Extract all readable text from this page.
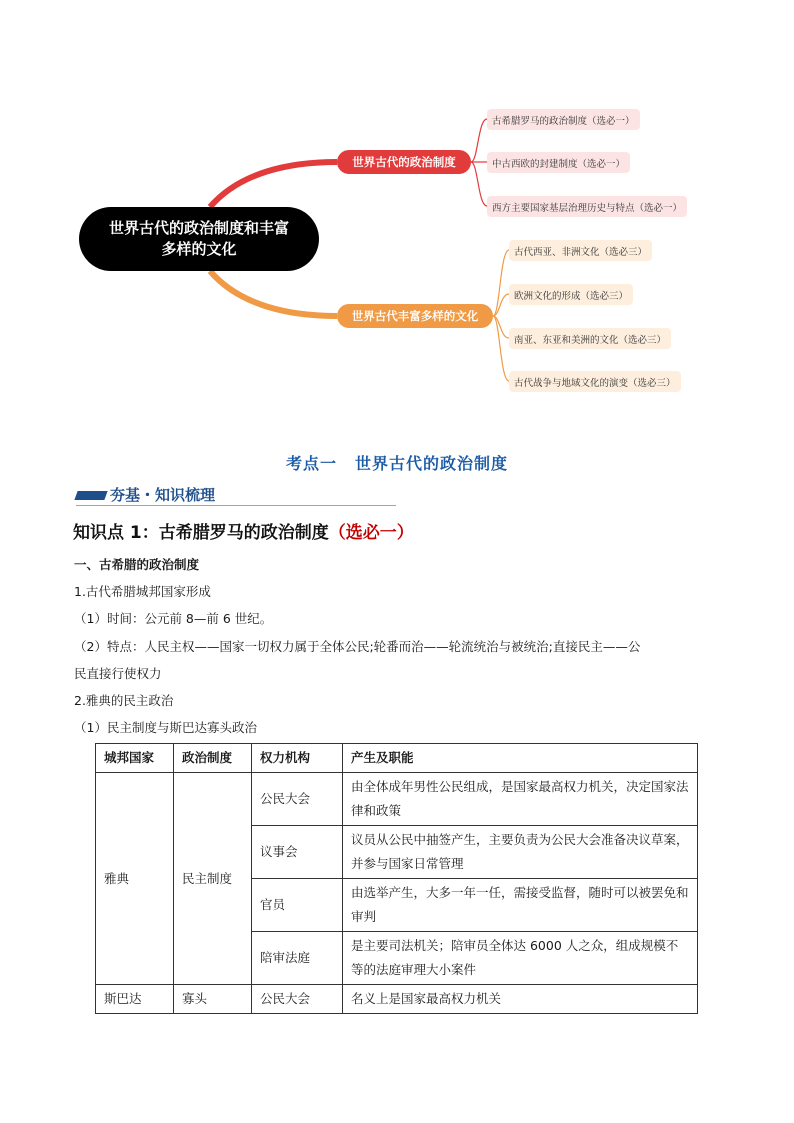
世界古代的政治制度和丰富多样的文化
世界古代的政治制度
世界古代丰富多样的文化
古希腊罗马的政治制度（选必一）
中古西欧的封建制度（选必一）
西方主要国家基层治理历史与特点（选必一）
古代西亚、非洲文化（选必三）
欧洲文化的形成（选必三）
南亚、东亚和美洲的文化（选必三）
古代战争与地域文化的演变（选必三）
考点一 世界古代的政治制度
夯基・知识梳理
知识点 1：古希腊罗马的政治制度（选必一）
一、古希腊的政治制度
1.古代希腊城邦国家形成
（1）时间：公元前 8—前 6 世纪。
（2）特点：人民主权——国家一切权力属于全体公民;轮番而治——轮流统治与被统治;直接民主——公
民直接行使权力
2.雅典的民主政治
（1）民主制度与斯巴达寡头政治
城邦国家	政治制度	权力机构	产生及职能
雅典	民主制度	公民大会	由全体成年男性公民组成，是国家最高权力机关，决定国家法律和政策
		议事会	议员从公民中抽签产生，主要负责为公民大会准备决议草案，并参与国家日常管理
		官员	由选举产生，大多一年一任，需接受监督，随时可以被罢免和审判
		陪审法庭	是主要司法机关；陪审员全体达 6000 人之众，组成规模不等的法庭审理大小案件
斯巴达	寡头	公民大会	名义上是国家最高权力机关
